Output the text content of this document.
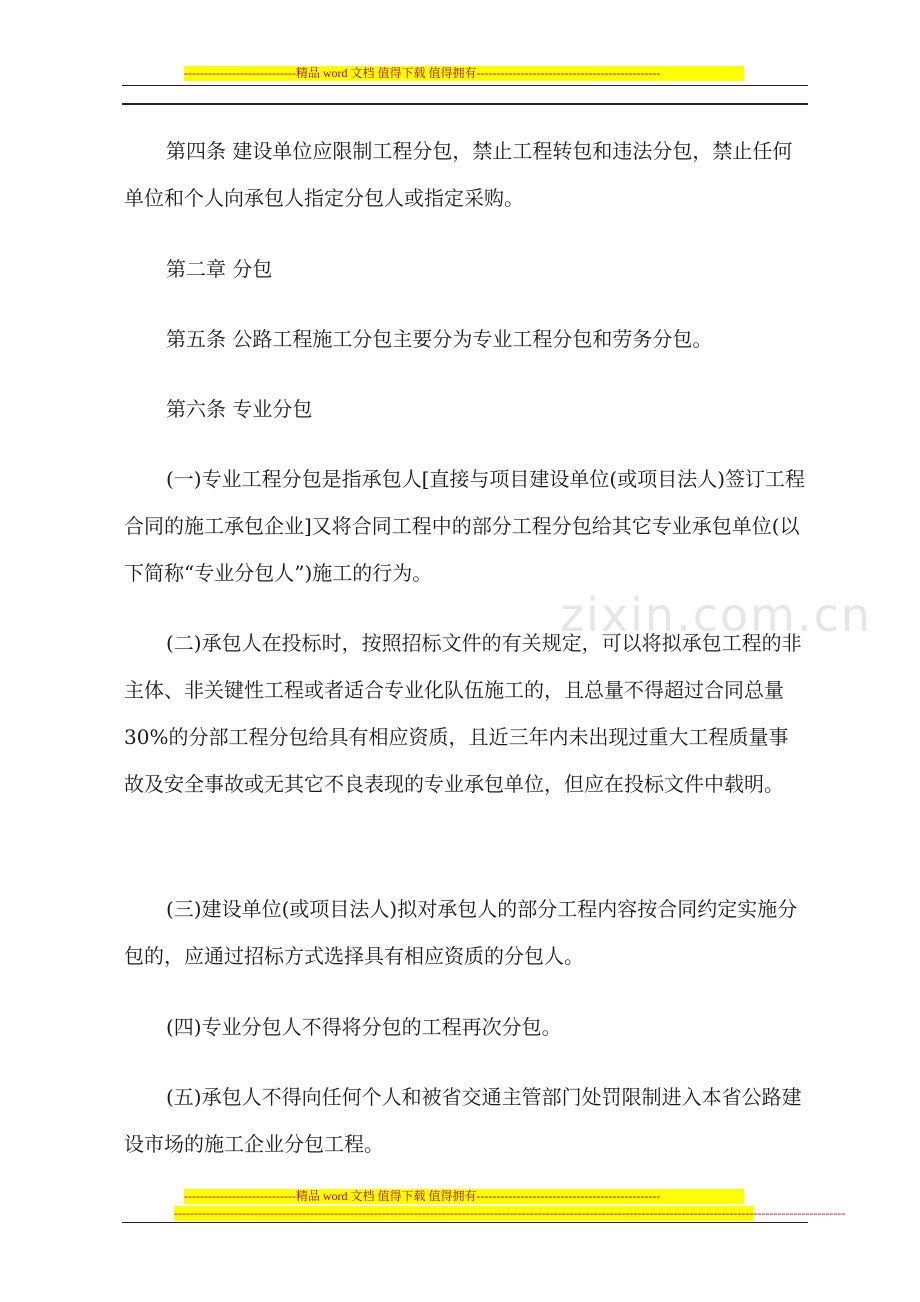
----------------------------精品 word 文档 值得下载 值得拥有----------------------------------------------
zixin.com.cn

第四条 建设单位应限制工程分包，禁止工程转包和违法分包，禁止任何单位和个人向承包人指定分包人或指定采购。

第二章 分包

第五条 公路工程施工分包主要分为专业工程分包和劳务分包。

第六条 专业分包

(一)专业工程分包是指承包人[直接与项目建设单位(或项目法人)签订工程合同的施工承包企业]又将合同工程中的部分工程分包给其它专业承包单位(以下简称“专业分包人”)施工的行为。

(二)承包人在投标时，按照招标文件的有关规定，可以将拟承包工程的非主体、非关键性工程或者适合专业化队伍施工的，且总量不得超过合同总量30%的分部工程分包给具有相应资质，且近三年内未出现过重大工程质量事故及安全事故或无其它不良表现的专业承包单位，但应在投标文件中载明。

(三)建设单位(或项目法人)拟对承包人的部分工程内容按合同约定实施分包的，应通过招标方式选择具有相应资质的分包人。

(四)专业分包人不得将分包的工程再次分包。

(五)承包人不得向任何个人和被省交通主管部门处罚限制进入本省公路建设市场的施工企业分包工程。

----------------------------精品 word 文档 值得下载 值得拥有----------------------------------------------
------------------------------------------------------------------------------------------------------------------------------------------------------------------------
